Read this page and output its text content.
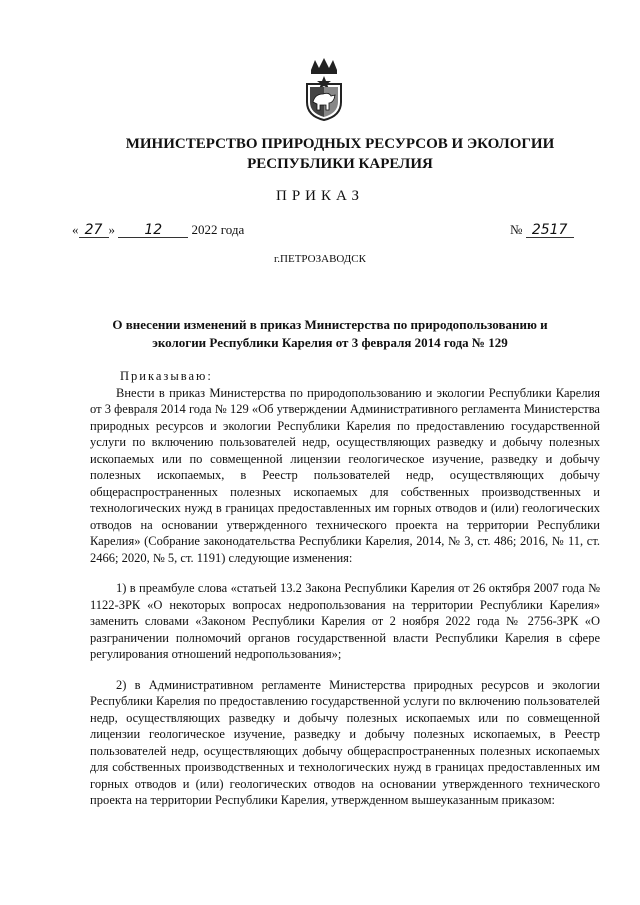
МИНИСТЕРСТВО ПРИРОДНЫХ РЕСУРСОВ И ЭКОЛОГИИ
РЕСПУБЛИКИ КАРЕЛИЯ
ПРИКАЗ
« 27 » 12 2022 года	№ 2517
г.ПЕТРОЗАВОДСК
О внесении изменений в приказ Министерства по природопользованию и
экологии Республики Карелия от 3 февраля 2014 года № 129

Приказываю:

Внести в приказ Министерства по природопользованию и экологии Республики Карелия от 3 февраля 2014 года № 129 «Об утверждении Административного регламента Министерства природных ресурсов и экологии Республики Карелия по предоставлению государственной услуги по включению пользователей недр, осуществляющих разведку и добычу полезных ископаемых или по совмещенной лицензии геологическое изучение, разведку и добычу полезных ископаемых, в Реестр пользователей недр, осуществляющих добычу общераспространенных полезных ископаемых для собственных производственных и технологических нужд в границах предоставленных им горных отводов и (или) геологических отводов на основании утвержденного технического проекта на территории Республики Карелия» (Собрание законодательства Республики Карелия, 2014, № 3, ст. 486; 2016, № 11, ст. 2466; 2020, № 5, ст. 1191) следующие изменения:

1) в преамбуле слова «статьей 13.2 Закона Республики Карелия от 26 октября 2007 года № 1122-ЗРК «О некоторых вопросах недропользования на территории Республики Карелия» заменить словами «Законом Республики Карелия от 2 ноября 2022 года № 2756-ЗРК «О разграничении полномочий органов государственной власти Республики Карелия в сфере регулирования отношений недропользования»;

2) в Административном регламенте Министерства природных ресурсов и экологии Республики Карелия по предоставлению государственной услуги по включению пользователей недр, осуществляющих разведку и добычу полезных ископаемых или по совмещенной лицензии геологическое изучение, разведку и добычу полезных ископаемых, в Реестр пользователей недр, осуществляющих добычу общераспространенных полезных ископаемых для собственных производственных и технологических нужд в границах предоставленных им горных отводов и (или) геологических отводов на основании утвержденного технического проекта на территории Республики Карелия, утвержденном вышеуказанным приказом:
